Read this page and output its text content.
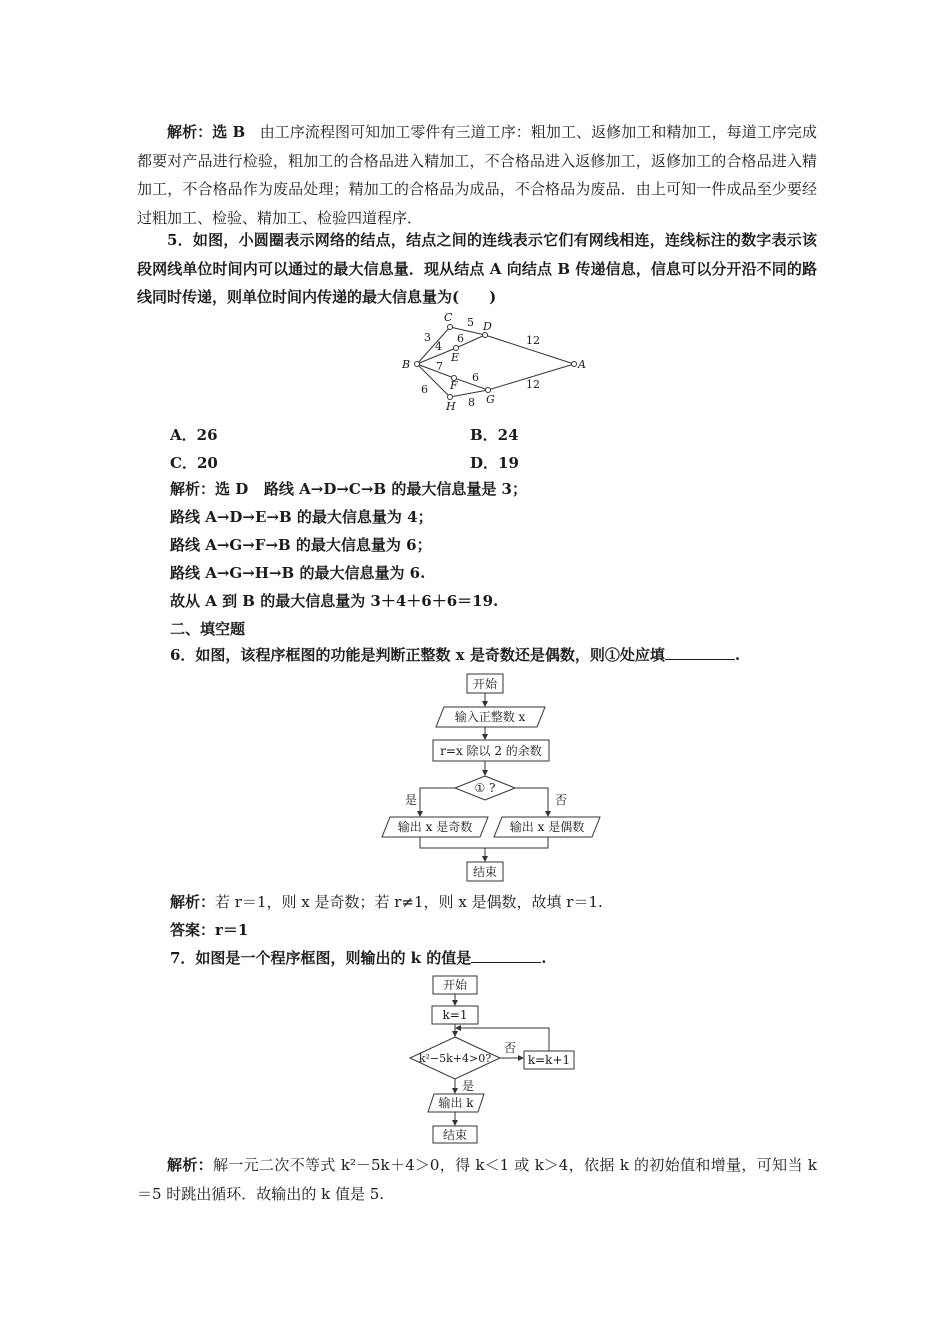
解析：选 B 由工序流程图可知加工零件有三道工序：粗加工、返修加工和精加工，每道工序完成都要对产品进行检验，粗加工的合格品进入精加工，不合格品进入返修加工，返修加工的合格品进入精加工，不合格品作为废品处理；精加工的合格品为成品，不合格品为废品．由上可知一件成品至少要经过粗加工、检验、精加工、检验四道程序．
5．如图，小圆圈表示网络的结点，结点之间的连线表示它们有网线相连，连线标注的数字表示该段网线单位时间内可以通过的最大信息量．现从结点 A 向结点 B 传递信息，信息可以分开沿不同的路线同时传递，则单位时间内传递的最大信息量为(　　)
C
D
E
B	A
F
G
H
3
5
6
4
7
12
6
6	12
8
A．26	B．24
C．20	D．19
解析：选 D 路线 A→D→C→B 的最大信息量是 3；
路线 A→D→E→B 的最大信息量为 4；
路线 A→G→F→B 的最大信息量为 6；
路线 A→G→H→B 的最大信息量为 6.
故从 A 到 B 的最大信息量为 3＋4＋6＋6＝19.
二、填空题
6．如图，该程序框图的功能是判断正整数 x 是奇数还是偶数，则①处应填	.
开始
输入正整数 x
r=x 除以 2 的余数
① ?
是	否
输出 x 是奇数	输出 x 是偶数
结束
解析：若 r＝1，则 x 是奇数；若 r≠1，则 x 是偶数，故填 r＝1.
答案：r＝1
7．如图是一个程序框图，则输出的 k 的值是	.
开始
k=1
k²−5k+4>0?
否
k=k+1
是
输出 k
结束
解析：解一元二次不等式 k²－5k＋4＞0，得 k＜1 或 k＞4，依据 k 的初始值和增量，可知当 k＝5 时跳出循环．故输出的 k 值是 5.
